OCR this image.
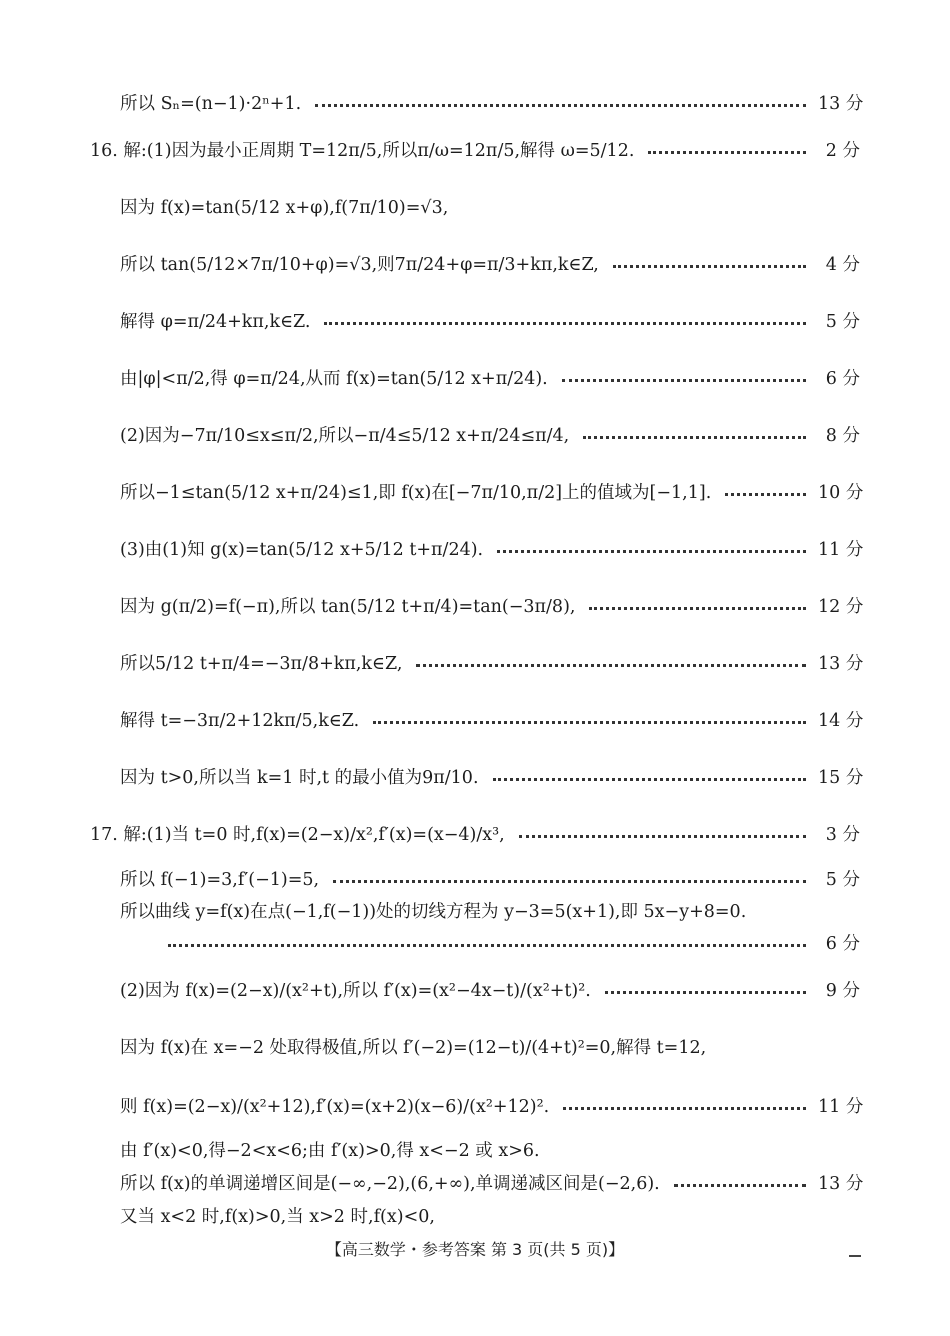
所以 Sₙ=(n−1)·2ⁿ+1.	13 分
16. 解:(1)因为最小正周期 T=12π/5,所以π/ω=12π/5,解得 ω=5/12.	2 分
因为 f(x)=tan(5/12 x+φ),f(7π/10)=√3,
所以 tan(5/12×7π/10+φ)=√3,则7π/24+φ=π/3+kπ,k∈Z,	4 分
解得 φ=π/24+kπ,k∈Z.	5 分
由|φ|<π/2,得 φ=π/24,从而 f(x)=tan(5/12 x+π/24).	6 分
(2)因为−7π/10≤x≤π/2,所以−π/4≤5/12 x+π/24≤π/4,	8 分
所以−1≤tan(5/12 x+π/24)≤1,即 f(x)在[−7π/10,π/2]上的值域为[−1,1].	10 分
(3)由(1)知 g(x)=tan(5/12 x+5/12 t+π/24).	11 分
因为 g(π/2)=f(−π),所以 tan(5/12 t+π/4)=tan(−3π/8),	12 分
所以5/12 t+π/4=−3π/8+kπ,k∈Z,	13 分
解得 t=−3π/2+12kπ/5,k∈Z.	14 分
因为 t>0,所以当 k=1 时,t 的最小值为9π/10.	15 分
17. 解:(1)当 t=0 时,f(x)=(2−x)/x²,f′(x)=(x−4)/x³,	3 分
所以 f(−1)=3,f′(−1)=5,	5 分
所以曲线 y=f(x)在点(−1,f(−1))处的切线方程为 y−3=5(x+1),即 5x−y+8=0.
6 分
(2)因为 f(x)=(2−x)/(x²+t),所以 f′(x)=(x²−4x−t)/(x²+t)².	9 分
因为 f(x)在 x=−2 处取得极值,所以 f′(−2)=(12−t)/(4+t)²=0,解得 t=12,
则 f(x)=(2−x)/(x²+12),f′(x)=(x+2)(x−6)/(x²+12)².	11 分
由 f′(x)<0,得−2<x<6;由 f′(x)>0,得 x<−2 或 x>6.
所以 f(x)的单调递增区间是(−∞,−2),(6,+∞),单调递减区间是(−2,6).	13 分
又当 x<2 时,f(x)>0,当 x>2 时,f(x)<0,
【高三数学・参考答案 第 3 页(共 5 页)】
